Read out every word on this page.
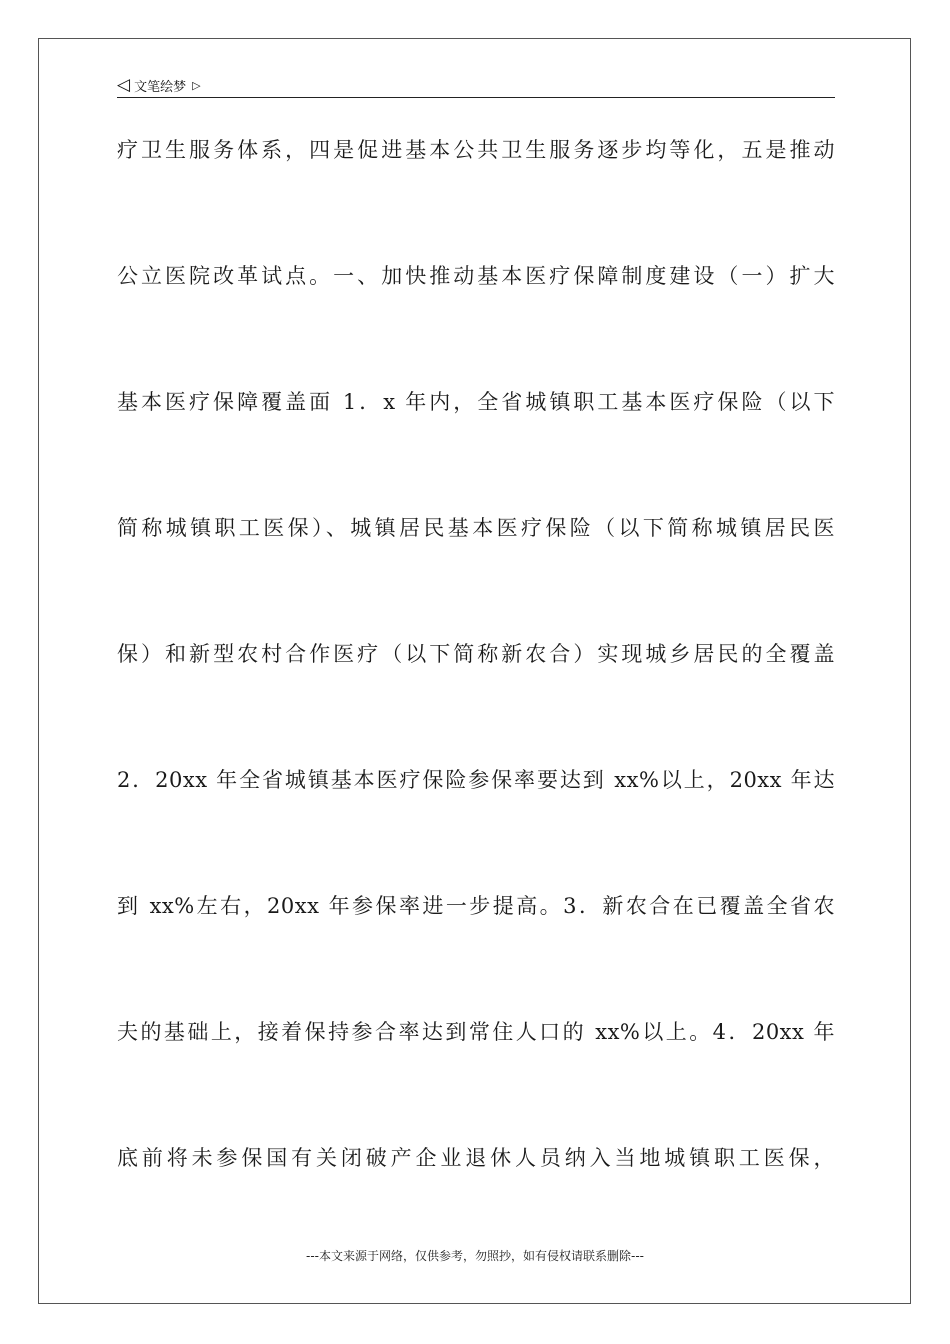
◁ 文笔绘梦 ▷
疗卫生服务体系，四是促进基本公共卫生服务逐步均等化，五是推动
公立医院改革试点。一、加快推动基本医疗保障制度建设（一）扩大
基本医疗保障覆盖面 1．x 年内，全省城镇职工基本医疗保险（以下
简称城镇职工医保）、城镇居民基本医疗保险（以下简称城镇居民医
保）和新型农村合作医疗（以下简称新农合）实现城乡居民的全覆盖
2．20xx 年全省城镇基本医疗保险参保率要达到 xx%以上，20xx 年达
到 xx%左右，20xx 年参保率进一步提高。3．新农合在已覆盖全省农
夫的基础上，接着保持参合率达到常住人口的 xx%以上。4．20xx 年
底前将未参保国有关闭破产企业退休人员纳入当地城镇职工医保，
---本文来源于网络，仅供参考，勿照抄，如有侵权请联系删除---
